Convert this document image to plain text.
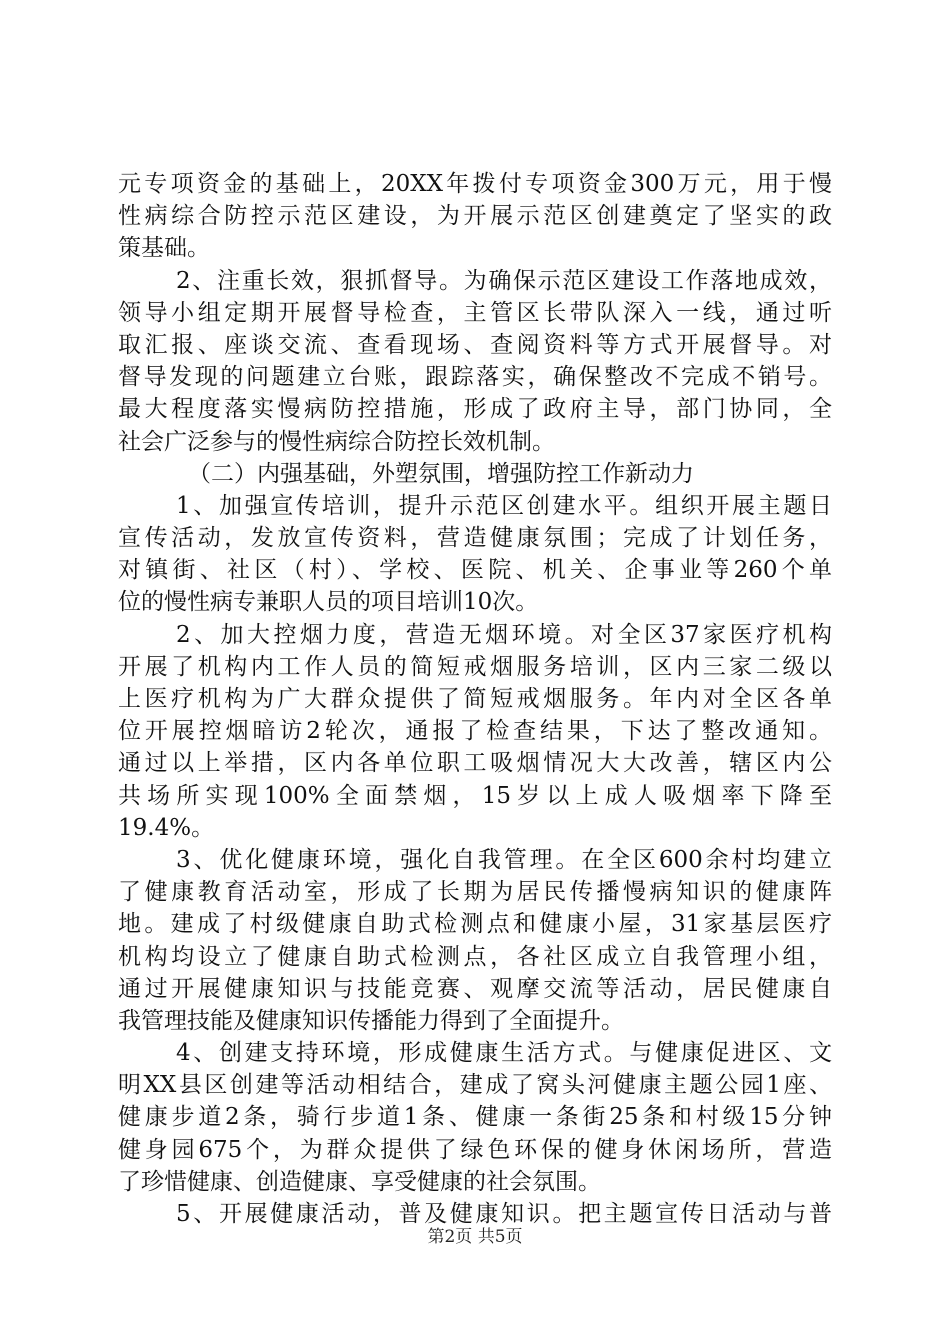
元专项资金的基础上，20XX年拨付专项资金300万元，用于慢
性病综合防控示范区建设，为开展示范区创建奠定了坚实的政
策基础。
2、注重长效，狠抓督导。为确保示范区建设工作落地成效，
领导小组定期开展督导检查，主管区长带队深入一线，通过听
取汇报、座谈交流、查看现场、查阅资料等方式开展督导。对
督导发现的问题建立台账，跟踪落实，确保整改不完成不销号。
最大程度落实慢病防控措施，形成了政府主导，部门协同，全
社会广泛参与的慢性病综合防控长效机制。
（二）内强基础，外塑氛围，增强防控工作新动力
1、加强宣传培训，提升示范区创建水平。组织开展主题日
宣传活动，发放宣传资料，营造健康氛围；完成了计划任务，
对镇街、社区（村）、学校、医院、机关、企事业等260个单
位的慢性病专兼职人员的项目培训10次。
2、加大控烟力度，营造无烟环境。对全区37家医疗机构
开展了机构内工作人员的简短戒烟服务培训，区内三家二级以
上医疗机构为广大群众提供了简短戒烟服务。年内对全区各单
位开展控烟暗访2轮次，通报了检查结果，下达了整改通知。
通过以上举措，区内各单位职工吸烟情况大大改善，辖区内公
共场所实现100%全面禁烟，15岁以上成人吸烟率下降至
19.4%。
3、优化健康环境，强化自我管理。在全区600余村均建立
了健康教育活动室，形成了长期为居民传播慢病知识的健康阵
地。建成了村级健康自助式检测点和健康小屋，31家基层医疗
机构均设立了健康自助式检测点，各社区成立自我管理小组，
通过开展健康知识与技能竞赛、观摩交流等活动，居民健康自
我管理技能及健康知识传播能力得到了全面提升。
4、创建支持环境，形成健康生活方式。与健康促进区、文
明XX县区创建等活动相结合，建成了窝头河健康主题公园1座、
健康步道2条，骑行步道1条、健康一条街25条和村级15分钟
健身园675个，为群众提供了绿色环保的健身休闲场所，营造
了珍惜健康、创造健康、享受健康的社会氛围。
5、开展健康活动，普及健康知识。把主题宣传日活动与普
第2页 共5页
